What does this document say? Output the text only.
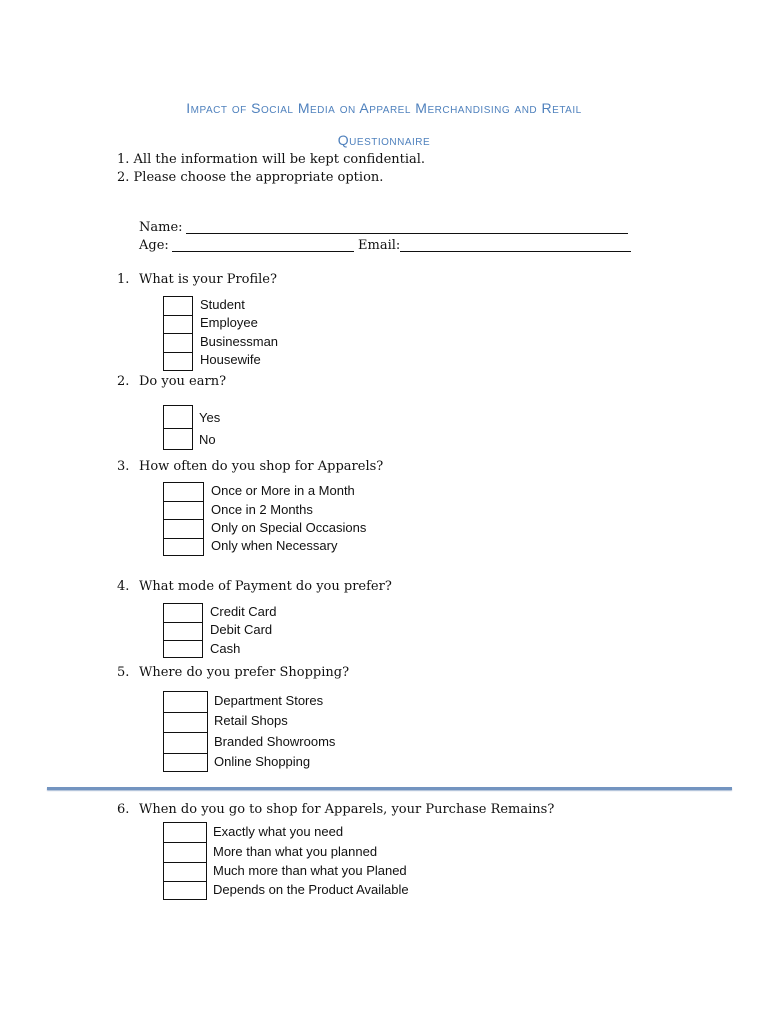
Impact of Social Media on Apparel Merchandising and Retail
Questionnaire
1. All the information will be kept confidential.
2. Please choose the appropriate option.
Name:
Age:	Email:
1. What is your Profile?
Student
Employee
Businessman
Housewife
2. Do you earn?
Yes
No
3. How often do you shop for Apparels?
Once or More in a Month
Once in 2 Months
Only on Special Occasions
Only when Necessary
4. What mode of Payment do you prefer?
Credit Card
Debit Card
Cash
5. Where do you prefer Shopping?
Department Stores
Retail Shops
Branded Showrooms
Online Shopping
6. When do you go to shop for Apparels, your Purchase Remains?
Exactly what you need
More than what you planned
Much more than what you Planed
Depends on the Product Available
